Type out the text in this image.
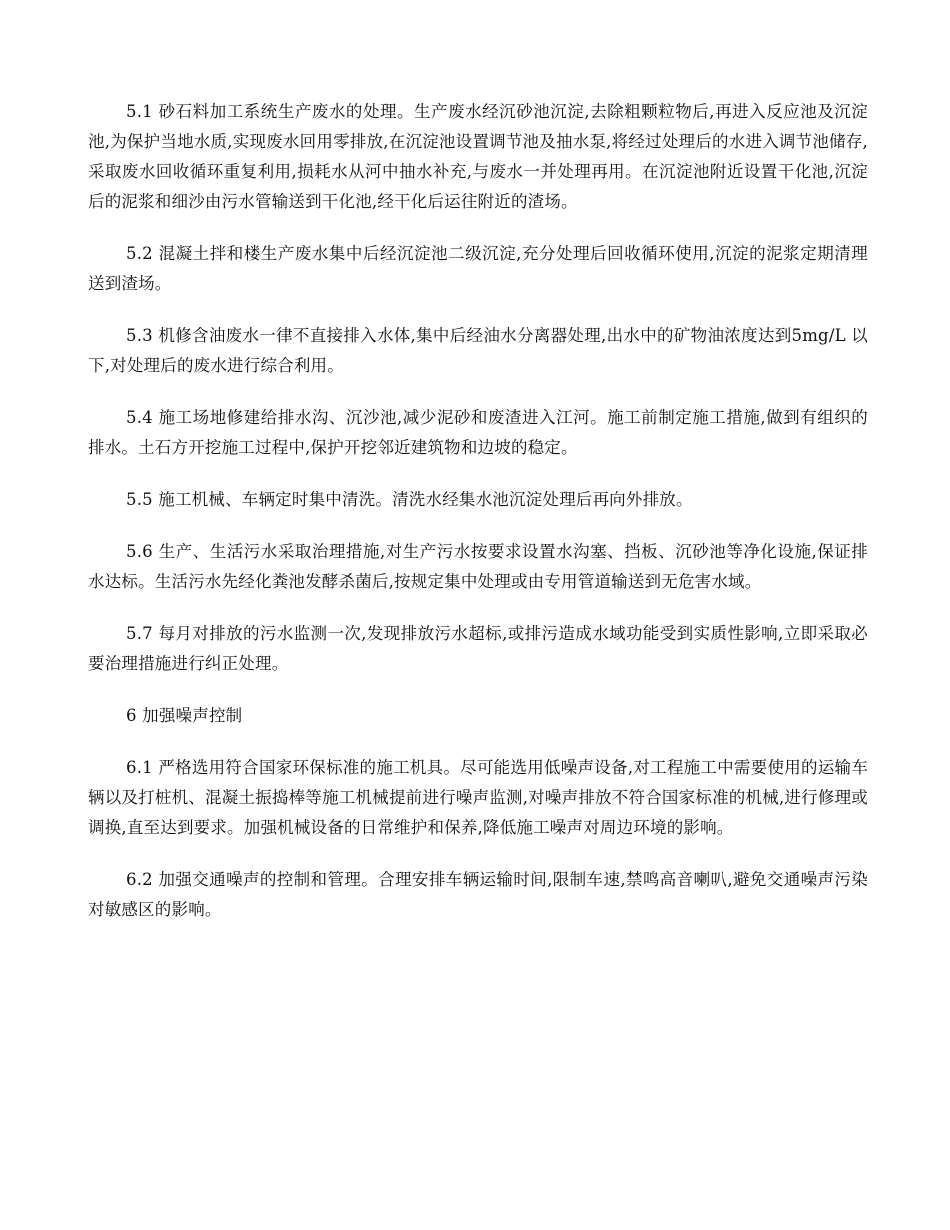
5.1 砂石料加工系统生产废水的处理。生产废水经沉砂池沉淀,去除粗颗粒物后,再进入反应池及沉淀池,为保护当地水质,实现废水回用零排放,在沉淀池设置调节池及抽水泵,将经过处理后的水进入调节池储存,采取废水回收循环重复利用,损耗水从河中抽水补充,与废水一并处理再用。在沉淀池附近设置干化池,沉淀后的泥浆和细沙由污水管输送到干化池,经干化后运往附近的渣场。

5.2 混凝土拌和楼生产废水集中后经沉淀池二级沉淀,充分处理后回收循环使用,沉淀的泥浆定期清理送到渣场。

5.3 机修含油废水一律不直接排入水体,集中后经油水分离器处理,出水中的矿物油浓度达到5mg/L 以下,对处理后的废水进行综合利用。

5.4 施工场地修建给排水沟、沉沙池,减少泥砂和废渣进入江河。施工前制定施工措施,做到有组织的排水。土石方开挖施工过程中,保护开挖邻近建筑物和边坡的稳定。

5.5 施工机械、车辆定时集中清洗。清洗水经集水池沉淀处理后再向外排放。

5.6 生产、生活污水采取治理措施,对生产污水按要求设置水沟塞、挡板、沉砂池等净化设施,保证排水达标。生活污水先经化粪池发酵杀菌后,按规定集中处理或由专用管道输送到无危害水域。

5.7 每月对排放的污水监测一次,发现排放污水超标,或排污造成水域功能受到实质性影响,立即采取必要治理措施进行纠正处理。

6 加强噪声控制

6.1 严格选用符合国家环保标准的施工机具。尽可能选用低噪声设备,对工程施工中需要使用的运输车辆以及打桩机、混凝土振捣棒等施工机械提前进行噪声监测,对噪声排放不符合国家标准的机械,进行修理或调换,直至达到要求。加强机械设备的日常维护和保养,降低施工噪声对周边环境的影响。

6.2 加强交通噪声的控制和管理。合理安排车辆运输时间,限制车速,禁鸣高音喇叭,避免交通噪声污染对敏感区的影响。
